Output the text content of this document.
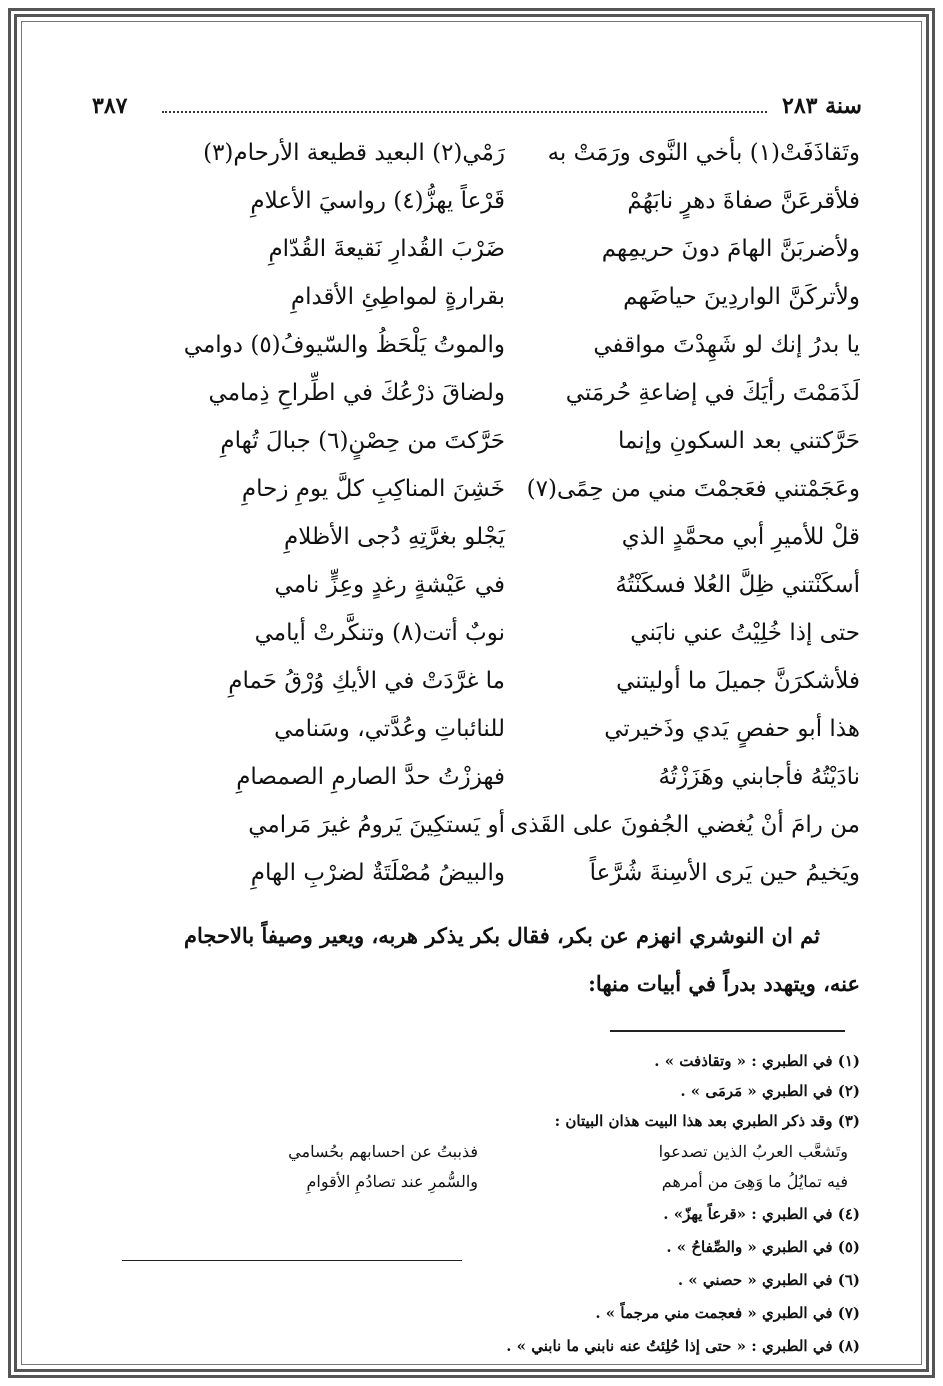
سنة ٢٨٣
٣٨٧
وتَقاذَفَتْ(١) بأخي النَّوى ورَمَتْ به
رَمْي(٢) البعيد قطيعة الأرحام(٣)
فلأقرعَنَّ صفاةَ دهرٍ نابَهُمْ
قَرْعاً يهزُّ(٤) رواسيَ الأعلامِ
ولأضربَنَّ الهامَ دونَ حريمِهم
ضَرْبَ القُدارِ نَقيعةَ القُدّامِ
ولأتركَنَّ الواردِينَ حياضَهم
بقرارةٍ لمواطِئِ الأقدامِ
يا بدرُ إنك لو شَهِدْتَ مواقفي
والموتُ يَلْحَظُ والسّيوفُ(٥) دوامي
لَذَمَمْتَ رأيَكَ في إضاعةِ حُرمَتي
ولضاقَ ذرْعُكَ في اطِّراحِ ذِمامي
حَرَّكتني بعد السكونِ وإنما
حَرَّكتَ من حِصْنٍ(٦) جبالَ تُهامِ
وعَجَمْتني فعَجمْتَ مني من حِمًى(٧)
خَشِنَ المناكِبِ كلَّ يومِ زحامِ
قلْ للأميرِ أبي محمَّدٍ الذي
يَجْلو بغرَّتِهِ دُجى الأظلامِ
أسكَنْتني ظِلَّ العُلا فسكَنْتُهُ
في عَيْشةٍ رغدٍ وعِزٍّ نامي
حتى إذا خُلِيْتُ عني نابَني
نوبٌ أتت(٨) وتنكَّرتْ أيامي
فلأشكرَنَّ جميلَ ما أوليتني
ما غرَّدَتْ في الأيكِ وُرْقُ حَمامِ
هذا أبو حفصٍ يَدي وذَخيرتي
للنائباتِ وعُدَّتي، وسَنامي
نادَيْتُهُ فأجابني وهَزَزْتُهُ
فهززْتُ حدَّ الصارمِ الصمصامِ
من رامَ أنْ يُغضي الجُفونَ على القَذى
أو يَستكِينَ يَرومُ غيرَ مَرامي
ويَخيمُ حين يَرى الأسِنةَ شُرَّعاً
والبيضُ مُصْلَتَةٌ لضرْبِ الهامِ
ثم ان النوشري انهزم عن بكر، فقال بكر يذكر هربه، ويعير وصيفاً بالاحجام
عنه، ويتهدد بدراً في أبيات منها:
(١) في الطبري : « وتقاذفت » .
(٢) في الطبري « مَرمَى » .
(٣) وقد ذكر الطبري بعد هذا البيت هذان البيتان :
وتَشعَّب العربُ الذين تصدعوا
فذببتُ عن احسابهم بحُسامي
فيه تمايُلُ ما وَهِىَ من أمرهم
والسُّمرِ عند تصادُمِ الأقوامِ
(٤) في الطبري : «قرعاً يهزّ» .
(٥) في الطبري « والصِّفاحُ » .
(٦) في الطبري « حصني » .
(٧) في الطبري « فعجمت مني مرجماً » .
(٨) في الطبري : « حتى إذا حُلِئتُ عنه نابني ما نابني » .
